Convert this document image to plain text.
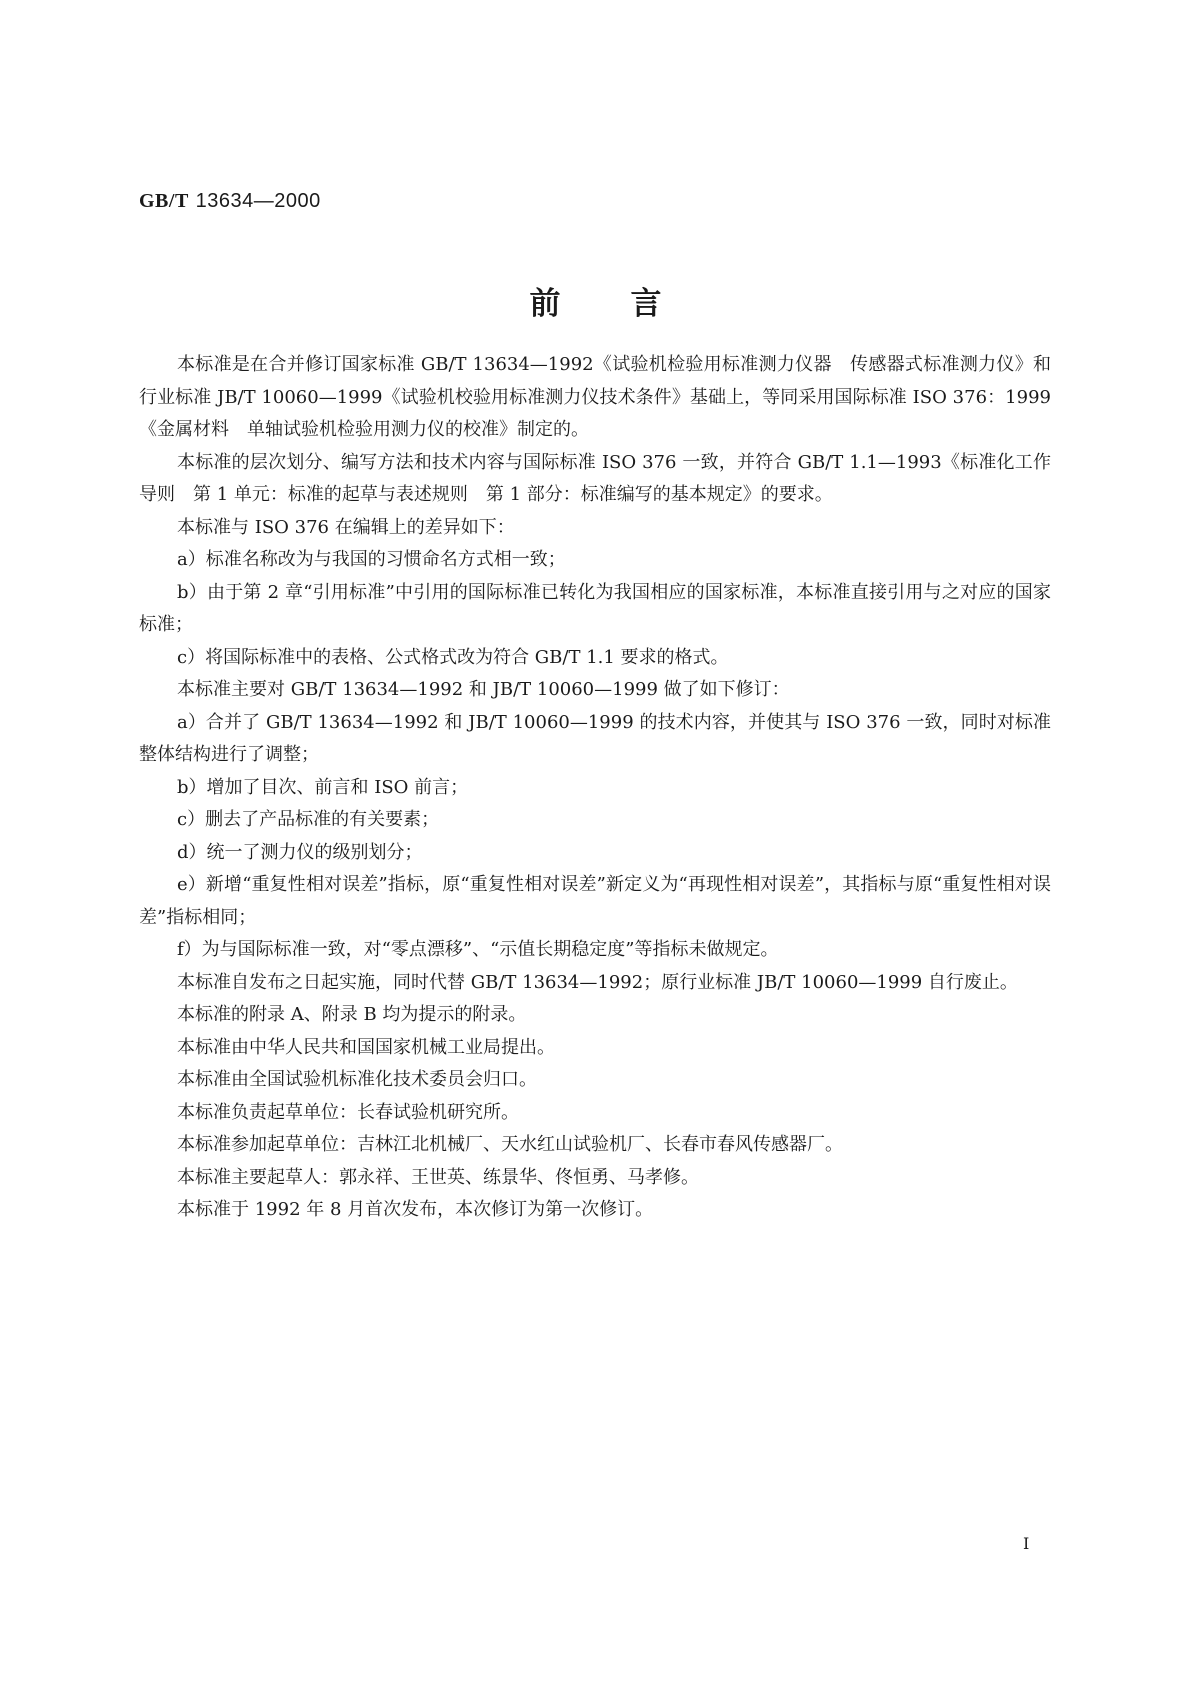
GB/T 13634—2000
前言

本标准是在合并修订国家标准 GB/T 13634—1992《试验机检验用标准测力仪器　传感器式标准测力仪》和行业标准 JB/T 10060—1999《试验机校验用标准测力仪技术条件》基础上，等同采用国际标准 ISO 376：1999《金属材料　单轴试验机检验用测力仪的校准》制定的。

本标准的层次划分、编写方法和技术内容与国际标准 ISO 376 一致，并符合 GB/T 1.1—1993《标准化工作导则　第 1 单元：标准的起草与表述规则　第 1 部分：标准编写的基本规定》的要求。

本标准与 ISO 376 在编辑上的差异如下：

a）标准名称改为与我国的习惯命名方式相一致；

b）由于第 2 章“引用标准”中引用的国际标准已转化为我国相应的国家标准，本标准直接引用与之对应的国家标准；

c）将国际标准中的表格、公式格式改为符合 GB/T 1.1 要求的格式。

本标准主要对 GB/T 13634—1992 和 JB/T 10060—1999 做了如下修订：

a）合并了 GB/T 13634—1992 和 JB/T 10060—1999 的技术内容，并使其与 ISO 376 一致，同时对标准整体结构进行了调整；

b）增加了目次、前言和 ISO 前言；

c）删去了产品标准的有关要素；

d）统一了测力仪的级别划分；

e）新增“重复性相对误差”指标，原“重复性相对误差”新定义为“再现性相对误差”，其指标与原“重复性相对误差”指标相同；

f）为与国际标准一致，对“零点漂移”、“示值长期稳定度”等指标未做规定。

本标准自发布之日起实施，同时代替 GB/T 13634—1992；原行业标准 JB/T 10060—1999 自行废止。

本标准的附录 A、附录 B 均为提示的附录。

本标准由中华人民共和国国家机械工业局提出。

本标准由全国试验机标准化技术委员会归口。

本标准负责起草单位：长春试验机研究所。

本标准参加起草单位：吉林江北机械厂、天水红山试验机厂、长春市春风传感器厂。

本标准主要起草人：郭永祥、王世英、练景华、佟恒勇、马孝修。

本标准于 1992 年 8 月首次发布，本次修订为第一次修订。

I
